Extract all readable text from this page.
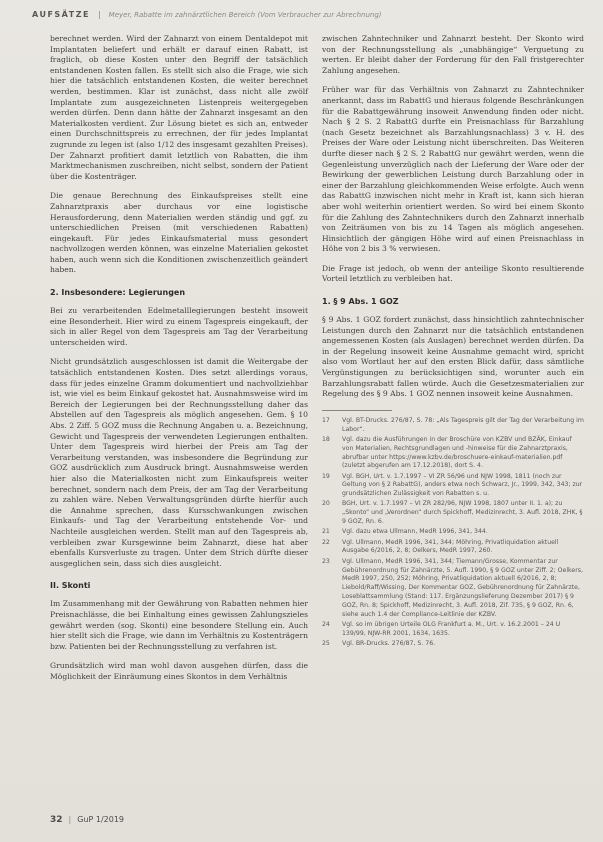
AUFSÄTZE | Meyer, Rabatte im zahnärztlichen Bereich (Vom Verbraucher zur Abrechnung)

berechnet werden. Wird der Zahnarzt von einem Dentaldepot mit Implantaten beliefert und erhält er darauf einen Rabatt, ist fraglich, ob diese Kosten unter den Begriff der tatsächlich entstandenen Kosten fallen. Es stellt sich also die Frage, wie sich hier die tatsächlich entstandenen Kosten, die weiter berechnet werden, bestimmen. Klar ist zunächst, dass nicht alle zwölf Implantate zum ausgezeichneten Listenpreis weitergegeben werden dürfen. Denn dann hätte der Zahnarzt insgesamt an den Materialkosten verdient. Zur Lösung bietet es sich an, entweder einen Durchschnittspreis zu errechnen, der für jedes Implantat zugrunde zu legen ist (also 1/12 des insgesamt gezahlten Preises). Der Zahnarzt profitiert damit letztlich von Rabatten, die ihm Marktmechanismen zuschreiben, nicht selbst, sondern der Patient über die Kostenträger.

Die genaue Berechnung des Einkaufspreises stellt eine Zahnarztpraxis aber durchaus vor eine logistische Herausforderung, denn Materialien werden ständig und ggf. zu unterschiedlichen Preisen (mit verschiedenen Rabatten) eingekauft. Für jedes Einkaufsmaterial muss gesondert nachvollzogen werden können, was einzelne Materialien gekostet haben, auch wenn sich die Konditionen zwischenzeitlich geändert haben.

2. Insbesondere: Legierungen

Bei zu verarbeitenden Edelmetalllegierungen besteht insoweit eine Besonderheit. Hier wird zu einem Tagespreis eingekauft, der sich in aller Regel von dem Tagespreis am Tag der Verarbeitung unterscheiden wird.

Nicht grundsätzlich ausgeschlossen ist damit die Weitergabe der tatsächlich entstandenen Kosten. Dies setzt allerdings voraus, dass für jedes einzelne Gramm dokumentiert und nachvollziehbar ist, wie viel es beim Einkauf gekostet hat. Ausnahmsweise wird im Bereich der Legierungen bei der Rechnungsstellung daher das Abstellen auf den Tagespreis als möglich angesehen. Gem. § 10 Abs. 2 Ziff. 5 GOZ muss die Rechnung Angaben u. a. Bezeichnung, Gewicht und Tagespreis der verwendeten Legierungen enthalten. Unter dem Tagespreis wird hierbei der Preis am Tag der Verarbeitung verstanden, was insbesondere die Begründung zur GOZ ausdrücklich zum Ausdruck bringt. Ausnahmsweise werden hier also die Materialkosten nicht zum Einkaufspreis weiter berechnet, sondern nach dem Preis, der am Tag der Verarbeitung zu zahlen wäre. Neben Verwaltungsgründen dürfte hierfür auch die Annahme sprechen, dass Kursschwankungen zwischen Einkaufs- und Tag der Verarbeitung entstehende Vor- und Nachteile ausgleichen werden. Stellt man auf den Tagespreis ab, verbleiben zwar Kursgewinne beim Zahnarzt, diese hat aber ebenfalls Kursverluste zu tragen. Unter dem Strich dürfte dieser ausgeglichen sein, dass sich dies ausgleicht.

II. Skonti

Im Zusammenhang mit der Gewährung von Rabatten nehmen hier Preisnachlässe, die bei Einhaltung eines gewissen Zahlungszieles gewährt werden (sog. Skonti) eine besondere Stellung ein. Auch hier stellt sich die Frage, wie dann im Verhältnis zu Kostenträgern bzw. Patienten bei der Rechnungsstellung zu verfahren ist.

Grundsätzlich wird man wohl davon ausgehen dürfen, dass die Möglichkeit der Einräumung eines Skontos in dem Verhältnis

zwischen Zahntechniker und Zahnarzt besteht. Der Skonto wird von der Rechnungsstellung als „unabhängige“ Verguetung zu werten. Er bleibt daher der Forderung für den Fall fristgerechter Zahlung angesehen.

Früher war für das Verhältnis von Zahnarzt zu Zahntechniker anerkannt, dass im RabattG und hieraus folgende Beschränkungen für die Rabattgewährung insoweit Anwendung finden oder nicht. Nach § 2 S. 2 RabattG durfte ein Preisnachlass für Barzahlung (nach Gesetz bezeichnet als Barzahlungsnachlass) 3 v. H. des Preises der Ware oder Leistung nicht überschreiten. Das Weiteren durfte dieser nach § 2 S. 2 RabattG nur gewährt werden, wenn die Gegenleistung unverzüglich nach der Lieferung der Ware oder der Bewirkung der gewerblichen Leistung durch Barzahlung oder in einer der Barzahlung gleichkommenden Weise erfolgte. Auch wenn das RabattG inzwischen nicht mehr in Kraft ist, kann sich hieran aber wohl weiterhin orientiert werden. So wird bei einem Skonto für die Zahlung des Zahntechnikers durch den Zahnarzt innerhalb von Zeiträumen von bis zu 14 Tagen als möglich angesehen. Hinsichtlich der gängigen Höhe wird auf einen Preisnachlass in Höhe von 2 bis 3 % verwiesen.

Die Frage ist jedoch, ob wenn der anteilige Skonto resultierende Vorteil letztlich zu verbleiben hat.

1. § 9 Abs. 1 GOZ

§ 9 Abs. 1 GOZ fordert zunächst, dass hinsichtlich zahntechnischer Leistungen durch den Zahnarzt nur die tatsächlich entstandenen angemessenen Kosten (als Auslagen) berechnet werden dürfen. Da in der Regelung insoweit keine Ausnahme gemacht wird, spricht also vom Wortlaut her auf den ersten Blick dafür, dass sämtliche Vergünstigungen zu berücksichtigen sind, worunter auch ein Barzahlungsrabatt fallen würde. Auch die Gesetzesmaterialien zur Regelung des § 9 Abs. 1 GOZ nennen insoweit keine Ausnahmen.

17	Vgl. BT-Drucks. 276/87, S. 78: „Als Tagespreis gilt der Tag der Verarbeitung im Labor“.
18	Vgl. dazu die Ausführungen in der Broschüre von KZBV und BZÄK, Einkauf von Materialien, Rechtsgrundlagen und -hinweise für die Zahnarztpraxis, abrufbar unter https://www.kzbv.de/broschuere-einkauf-materialien.pdf (zuletzt abgerufen am 17.12.2018), dort S. 4.
19	Vgl. BGH, Urt. v. 1.7.1997 – VI ZR 56/96 und NJW 1998, 1811 (noch zur Geltung von § 2 RabattG), anders etwa noch Schwarz, Jr., 1999, 342, 343; zur grundsätzlichen Zulässigkeit von Rabatten s. u.
20	BGH, Urt. v. 1.7.1997 – VI ZR 282/96, NJW 1998, 1807 unter II. 1. a); zu „Skonto“ und „Verordnen“ durch Spickhoff, Medizinrecht, 3. Aufl. 2018, ZHK, § 9 GOZ, Rn. 6.
21	Vgl. dazu etwa Ullmann, MedR 1996, 341, 344.
22	Vgl. Ullmann, MedR 1996, 341, 344; Möhring, Privatliquidation aktuell Ausgabe 6/2016, 2, 8; Oelkers, MedR 1997, 260.
23	Vgl. Ullmann, MedR 1996, 341, 344; Tiemann/Grosse, Kommentar zur Gebührenordnung für Zahnärzte, 5. Aufl. 1990, § 9 GOZ unter Ziff. 2; Oelkers, MedR 1997, 250, 252; Möhring, Privatliquidation aktuell 6/2016, 2, 8; Liebold/Raff/Wissing, Der Kommentar GOZ, Gebührenordnung für Zahnärzte, Loseblattsammlung (Stand: 117. Ergänzungslieferung Dezember 2017) § 9 GOZ, Rn. 8; Spickhoff, Medizinrecht, 3. Aufl. 2018, Zif. 735, § 9 GOZ, Rn. 6, siehe auch 1.4 der Compliance-Leitlinie der KZBV.
24	Vgl. so im übrigen Urteile OLG Frankfurt a. M., Urt. v. 16.2.2001 – 24 U 139/99, NJW-RR 2001, 1634, 1635.
25	Vgl. BR-Drucks. 276/87, S. 76.
32 | GuP 1/2019
